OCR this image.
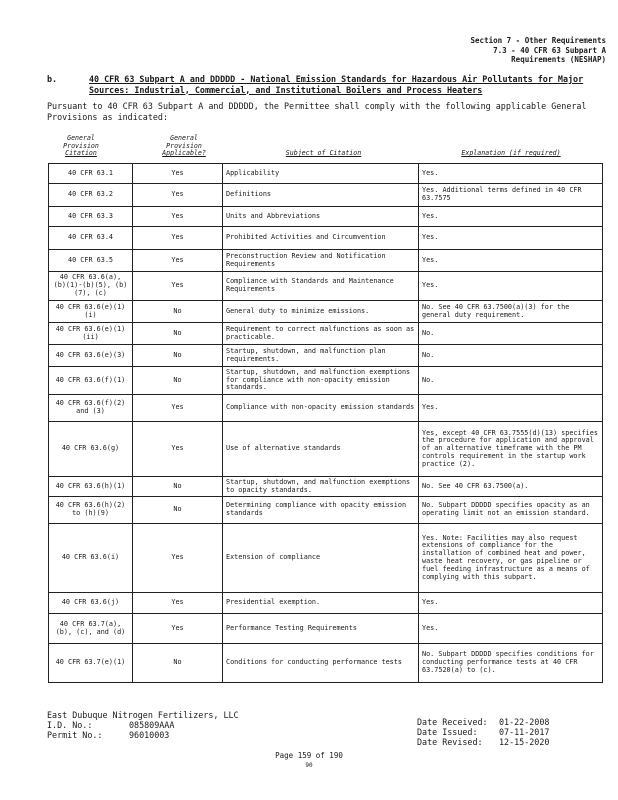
Section 7 - Other Requirements
7.3 - 40 CFR 63 Subpart A
Requirements (NESHAP)
b.	40 CFR 63 Subpart A and DDDDD - National Emission Standards for Hazardous Air Pollutants for Major Sources: Industrial, Commercial, and Institutional Boilers and Process Heaters
Pursuant to 40 CFR 63 Subpart A and DDDDD, the Permittee shall comply with the following applicable General Provisions as indicated:
General
Provision
Citation
General
Provision
Applicable?	Subject of Citation	Explanation (if required)
40 CFR 63.1	Yes	Applicability	Yes.
40 CFR 63.2	Yes	Definitions	Yes. Additional terms defined in 40 CFR 63.7575
40 CFR 63.3	Yes	Units and Abbreviations	Yes.
40 CFR 63.4	Yes	Prohibited Activities and Circumvention	Yes.
40 CFR 63.5	Yes	Preconstruction Review and Notification Requirements	Yes.
40 CFR 63.6(a), (b)(1)-(b)(5), (b)(7), (c)	Yes	Compliance with Standards and Maintenance Requirements	Yes.
40 CFR 63.6(e)(1)(i)	No	General duty to minimize emissions.	No. See 40 CFR 63.7500(a)(3) for the general duty requirement.
40 CFR 63.6(e)(1)(ii)	No	Requirement to correct malfunctions as soon as practicable.	No.
40 CFR 63.6(e)(3)	No	Startup, shutdown, and malfunction plan requirements.	No.
40 CFR 63.6(f)(1)	No	Startup, shutdown, and malfunction exemptions for compliance with non-opacity emission standards.	No.
40 CFR 63.6(f)(2) and (3)	Yes	Compliance with non-opacity emission standards	Yes.
40 CFR 63.6(g)	Yes	Use of alternative standards	Yes, except 40 CFR 63.7555(d)(13) specifies the procedure for application and approval of an alternative timeframe with the PM controls requirement in the startup work practice (2).
40 CFR 63.6(h)(1)	No	Startup, shutdown, and malfunction exemptions to opacity standards.	No. See 40 CFR 63.7500(a).
40 CFR 63.6(h)(2) to (h)(9)	No	Determining compliance with opacity emission standards	No. Subpart DDDDD specifies opacity as an operating limit not an emission standard.
40 CFR 63.6(i)	Yes	Extension of compliance	Yes. Note: Facilities may also request extensions of compliance for the installation of combined heat and power, waste heat recovery, or gas pipeline or fuel feeding infrastructure as a means of complying with this subpart.
40 CFR 63.6(j)	Yes	Presidential exemption.	Yes.
40 CFR 63.7(a), (b), (c), and (d)	Yes	Performance Testing Requirements	Yes.
40 CFR 63.7(e)(1)	No	Conditions for conducting performance tests	No. Subpart DDDDD specifies conditions for conducting performance tests at 40 CFR 63.7520(a) to (c).
East Dubuque Nitrogen Fertilizers, LLC
I.D. No.:	085809AAA
Permit No.:	96010003
Date Received: 01-22-2008
Date Issued:	07-11-2017
Date Revised: 12-15-2020
Page 159 of 190
90
